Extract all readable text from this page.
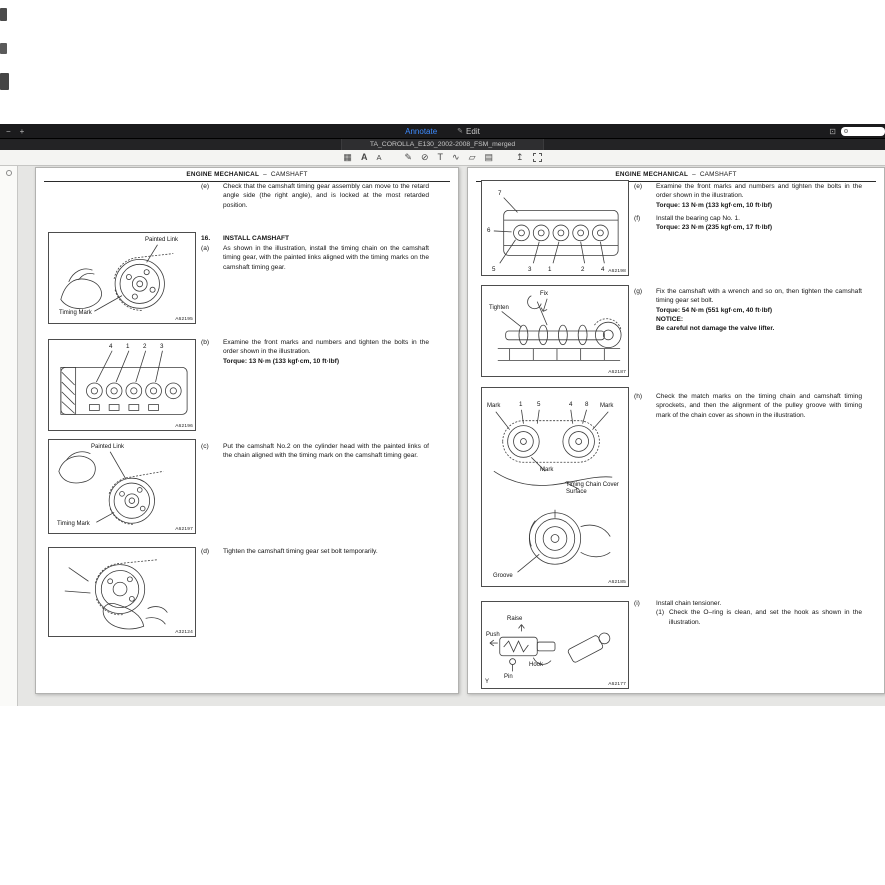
− +	Annotate	✎ Edit	⊡
TA_COROLLA_E130_2002-2008_FSM_merged
▦ A A	✎ ⊘ T ∿ ▱ ▤	↥
ENGINE MECHANICAL – CAMSHAFT
(e) Check that the camshaft timing gear assembly can move to the retard angle side (the right angle), and is locked at the most retarded position.
16. INSTALL CAMSHAFT
(a) As shown in the illustration, install the timing chain on the camshaft timing gear, with the painted links aligned with the timing marks on the camshaft timing gear.
(b) Examine the front marks and numbers and tighten the bolts in the order shown in the illustration.
Torque: 13 N·m (133 kgf·cm, 10 ft·lbf)
(c) Put the camshaft No.2 on the cylinder head with the painted links of the chain aligned with the timing mark on the camshaft timing gear.
(d) Tighten the camshaft timing gear set bolt temporarily.
Painted Link
Timing Mark
A62195
4 1 2 3
A62196
Painted Link
Timing Mark
A62197
A32124
ENGINE MECHANICAL – CAMSHAFT
(e) Examine the front marks and numbers and tighten the bolts in the order shown in the illustration.
Torque: 13 N·m (133 kgf·cm, 10 ft·lbf)
(f) Install the bearing cap No. 1.
Torque: 23 N·m (235 kgf·cm, 17 ft·lbf)
(g) Fix the camshaft with a wrench and so on, then tighten the camshaft timing gear set bolt.
Torque: 54 N·m (551 kgf·cm, 40 ft·lbf)
NOTICE:
Be careful not damage the valve lifter.
(h) Check the match marks on the timing chain and camshaft timing sprockets, and then the alignment of the pulley groove with timing mark of the chain cover as shown in the illustration.
(i) Install chain tensioner.
(1) Check the O–ring is clean, and set the hook as shown in the illustration.
7
6
5	3	1	2	4 A62198
Fix
Tighten
A62187
Mark	1 5	4 8 Mark
Mark
Timing Chain Cover Surface
Groove
A62185
Raise
Push
Hook
Pin
Y	A62177
